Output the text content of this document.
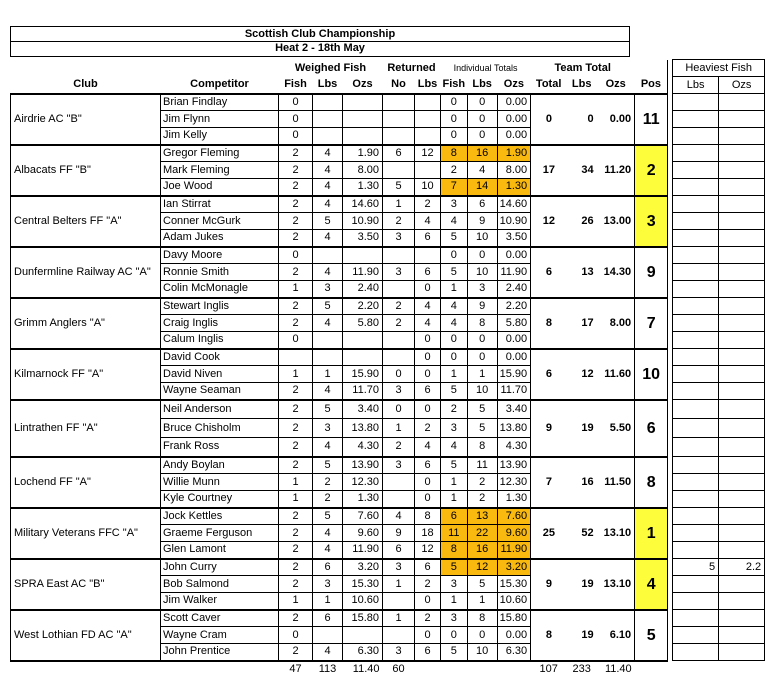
Scottish Club Championship
Heat 2 - 18th May
		Weighed Fish			Returned		Individual Totals			Team Total					Heaviest Fish	
Club	Competitor	Fish	Lbs	Ozs	No	Lbs	Fish	Lbs	Ozs	Total	Lbs	Ozs	Pos		Lbs	Ozs
Airdrie AC "B"	Brian Findlay	0					0	0	0.00	0	0	0.00	11			
	Jim Flynn	0					0	0	0.00							
	Jim Kelly	0					0	0	0.00							
Albacats FF "B"	Gregor Fleming	2	4	1.90	6	12	8	16	1.90	17	34	11.20	2			
	Mark Fleming	2	4	8.00			2	4	8.00							
	Joe Wood	2	4	1.30	5	10	7	14	1.30							
Central Belters FF "A"	Ian Stirrat	2	4	14.60	1	2	3	6	14.60	12	26	13.00	3			
	Conner McGurk	2	5	10.90	2	4	4	9	10.90							
	Adam Jukes	2	4	3.50	3	6	5	10	3.50							
Dunfermline Railway AC "A"	Davy Moore	0					0	0	0.00	6	13	14.30	9			
	Ronnie Smith	2	4	11.90	3	6	5	10	11.90							
	Colin McMonagle	1	3	2.40		0	1	3	2.40							
Grimm Anglers "A"	Stewart Inglis	2	5	2.20	2	4	4	9	2.20	8	17	8.00	7			
	Craig Inglis	2	4	5.80	2	4	4	8	5.80							
	Calum Inglis	0				0	0	0	0.00							
Kilmarnock FF "A"	David Cook					0	0	0	0.00	6	12	11.60	10			
	David Niven	1	1	15.90	0	0	1	1	15.90							
	Wayne Seaman	2	4	11.70	3	6	5	10	11.70							
Lintrathen FF "A"	Neil Anderson	2	5	3.40	0	0	2	5	3.40	9	19	5.50	6			
	Bruce Chisholm	2	3	13.80	1	2	3	5	13.80							
	Frank Ross	2	4	4.30	2	4	4	8	4.30							
Lochend FF "A"	Andy Boylan	2	5	13.90	3	6	5	11	13.90	7	16	11.50	8			
	Willie Munn	1	2	12.30		0	1	2	12.30							
	Kyle Courtney	1	2	1.30		0	1	2	1.30							
Military Veterans FFC "A"	Jock Kettles	2	5	7.60	4	8	6	13	7.60	25	52	13.10	1			
	Graeme Ferguson	2	4	9.60	9	18	11	22	9.60							
	Glen Lamont	2	4	11.90	6	12	8	16	11.90							
SPRA East AC "B"	John Curry	2	6	3.20	3	6	5	12	3.20	9	19	13.10	4		5	2.2
	Bob Salmond	2	3	15.30	1	2	3	5	15.30							
	Jim Walker	1	1	10.60		0	1	1	10.60							
West Lothian FD AC "A"	Scott Caver	2	6	15.80	1	2	3	8	15.80	8	19	6.10	5			
	Wayne Cram	0				0	0	0	0.00							
	John Prentice	2	4	6.30	3	6	5	10	6.30							
		47	113	11.40	60					107	233	11.40				
